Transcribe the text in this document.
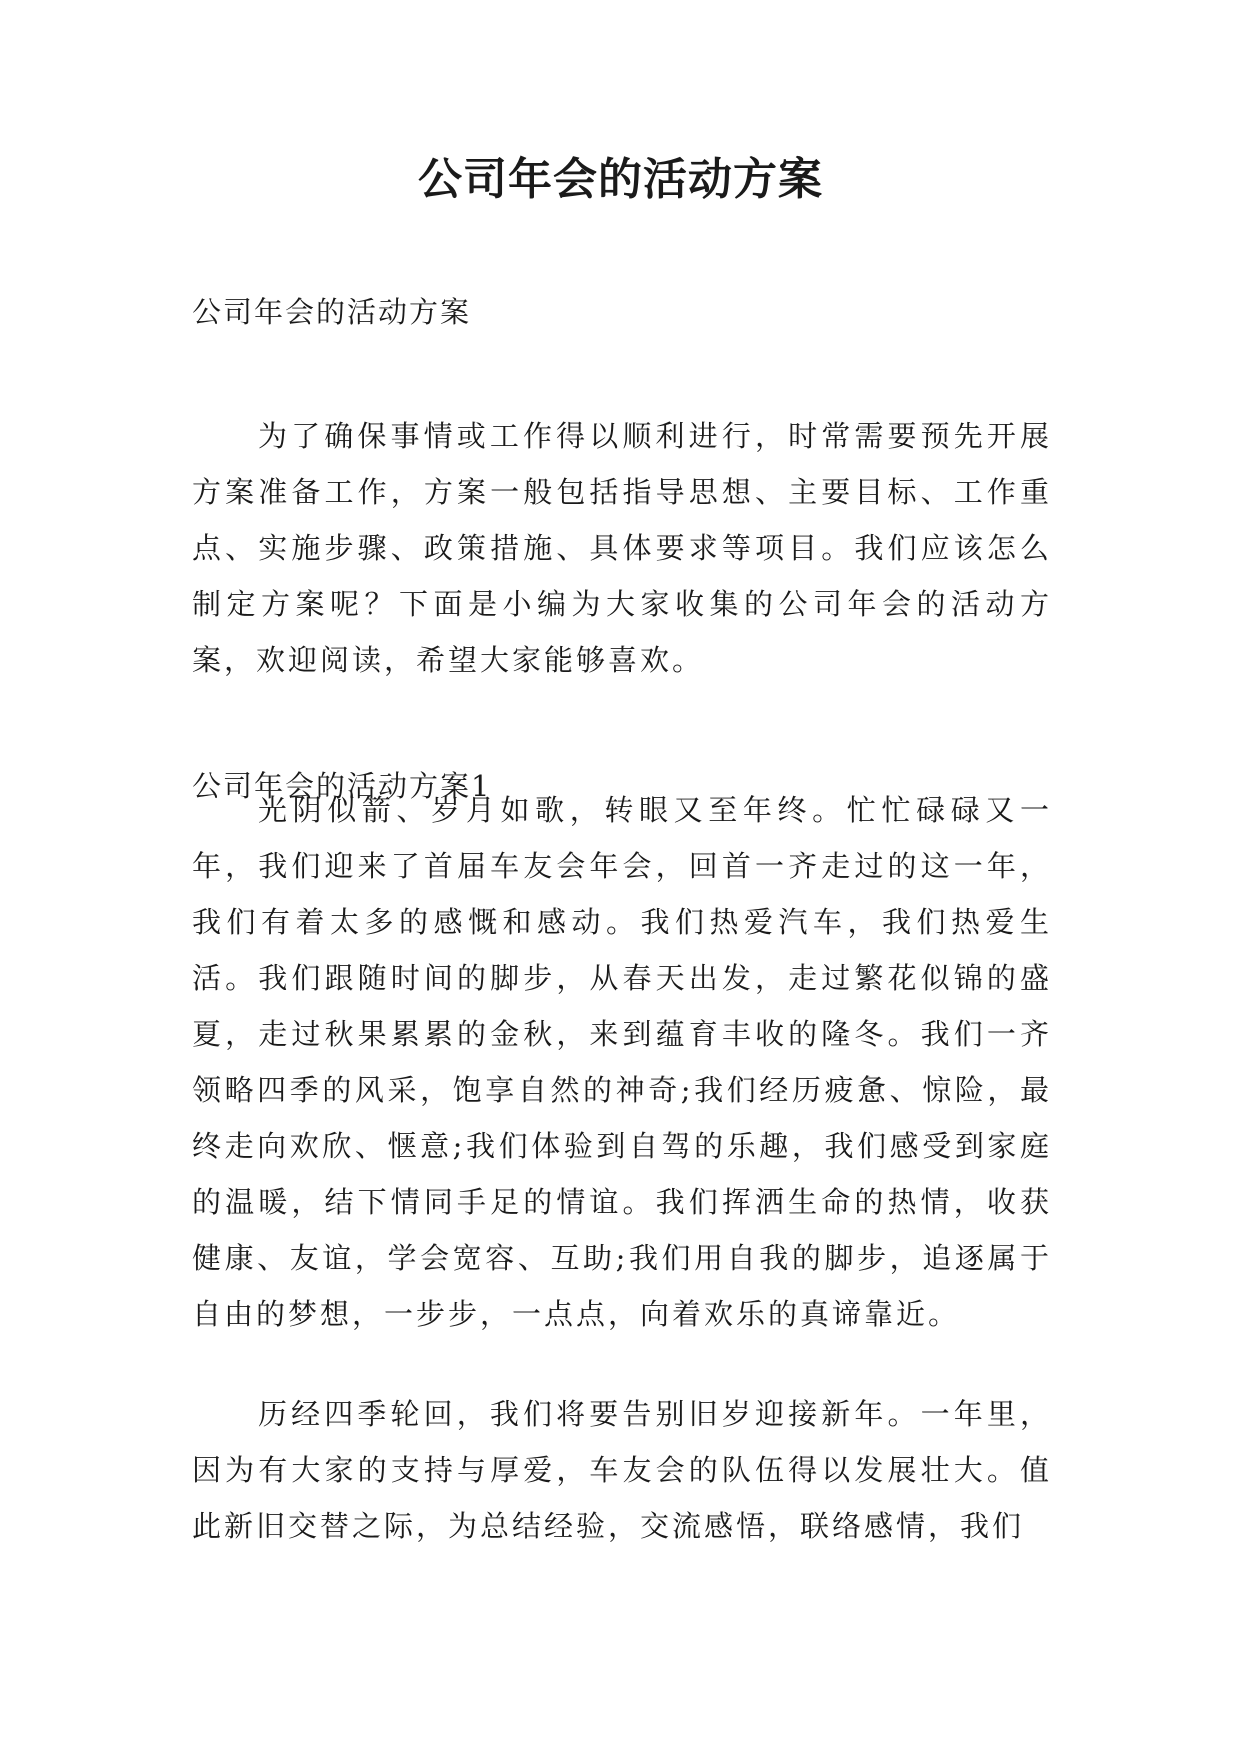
公司年会的活动方案

公司年会的活动方案

为了确保事情或工作得以顺利进行，时常需要预先开展方案准备工作，方案一般包括指导思想、主要目标、工作重点、实施步骤、政策措施、具体要求等项目。我们应该怎么制定方案呢？下面是小编为大家收集的公司年会的活动方案，欢迎阅读，希望大家能够喜欢。

公司年会的活动方案1

光阴似箭、岁月如歌，转眼又至年终。忙忙碌碌又一年，我们迎来了首届车友会年会，回首一齐走过的这一年，我们有着太多的感慨和感动。我们热爱汽车，我们热爱生活。我们跟随时间的脚步，从春天出发，走过繁花似锦的盛夏，走过秋果累累的金秋，来到蕴育丰收的隆冬。我们一齐领略四季的风采，饱享自然的神奇;我们经历疲惫、惊险，最终走向欢欣、惬意;我们体验到自驾的乐趣，我们感受到家庭的温暖，结下情同手足的情谊。我们挥洒生命的热情，收获健康、友谊，学会宽容、互助;我们用自我的脚步，追逐属于自由的梦想，一步步，一点点，向着欢乐的真谛靠近。

历经四季轮回，我们将要告别旧岁迎接新年。一年里，因为有大家的支持与厚爱，车友会的队伍得以发展壮大。值此新旧交替之际，为总结经验，交流感悟，联络感情，我们
